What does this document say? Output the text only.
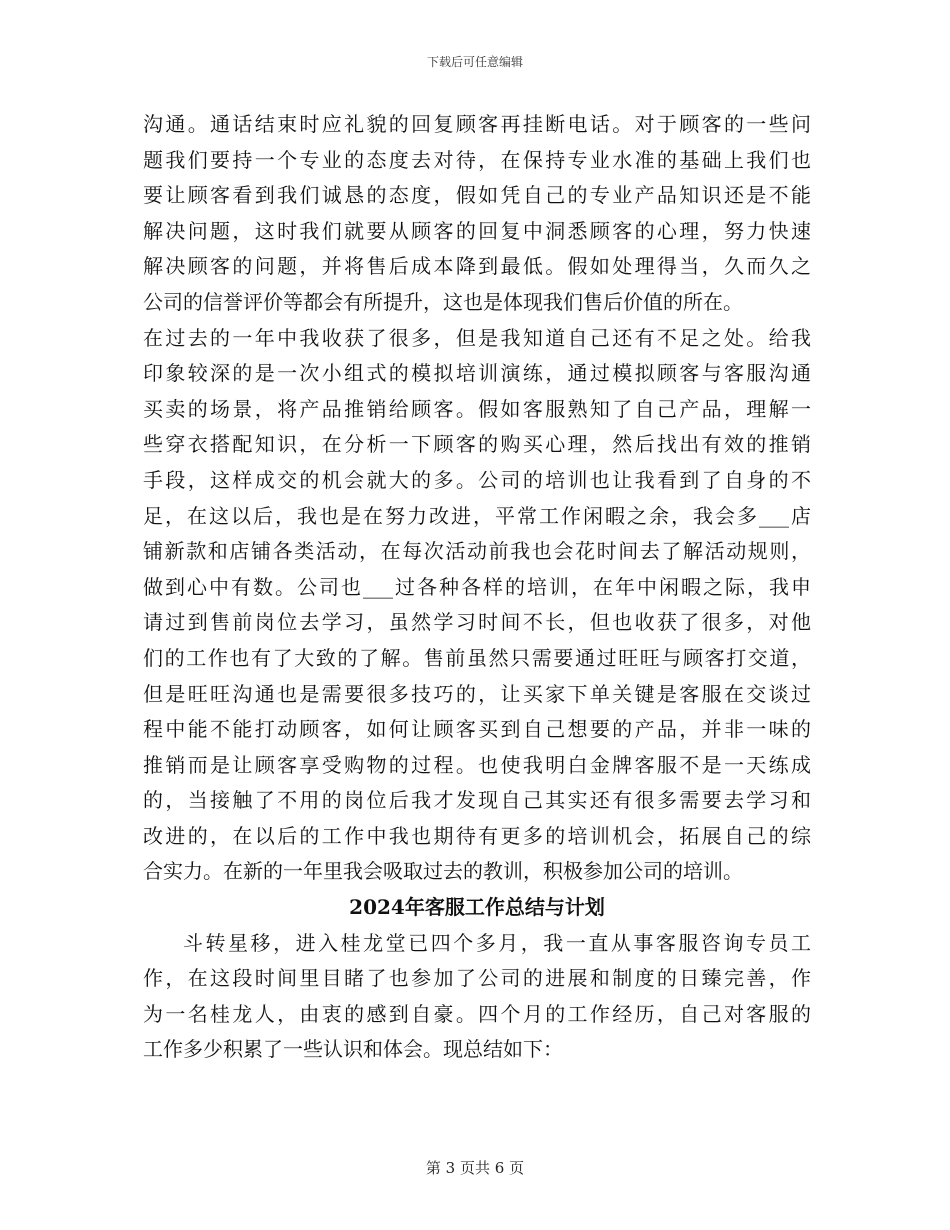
下载后可任意编辑
沟通。通话结束时应礼貌的回复顾客再挂断电话。对于顾客的一些问
题我们要持一个专业的态度去对待，在保持专业水准的基础上我们也
要让顾客看到我们诚恳的态度，假如凭自己的专业产品知识还是不能
解决问题，这时我们就要从顾客的回复中洞悉顾客的心理，努力快速
解决顾客的问题，并将售后成本降到最低。假如处理得当，久而久之
公司的信誉评价等都会有所提升，这也是体现我们售后价值的所在。
在过去的一年中我收获了很多，但是我知道自己还有不足之处。给我
印象较深的是一次小组式的模拟培训演练，通过模拟顾客与客服沟通
买卖的场景，将产品推销给顾客。假如客服熟知了自己产品，理解一
些穿衣搭配知识，在分析一下顾客的购买心理，然后找出有效的推销
手段，这样成交的机会就大的多。公司的培训也让我看到了自身的不
足，在这以后，我也是在努力改进，平常工作闲暇之余，我会多___店
铺新款和店铺各类活动，在每次活动前我也会花时间去了解活动规则，
做到心中有数。公司也___过各种各样的培训，在年中闲暇之际，我申
请过到售前岗位去学习，虽然学习时间不长，但也收获了很多，对他
们的工作也有了大致的了解。售前虽然只需要通过旺旺与顾客打交道，
但是旺旺沟通也是需要很多技巧的，让买家下单关键是客服在交谈过
程中能不能打动顾客，如何让顾客买到自己想要的产品，并非一味的
推销而是让顾客享受购物的过程。也使我明白金牌客服不是一天练成
的，当接触了不用的岗位后我才发现自己其实还有很多需要去学习和
改进的，在以后的工作中我也期待有更多的培训机会，拓展自己的综
合实力。在新的一年里我会吸取过去的教训，积极参加公司的培训。
2024年客服工作总结与计划
斗转星移，进入桂龙堂已四个多月，我一直从事客服咨询专员工
作，在这段时间里目睹了也参加了公司的进展和制度的日臻完善，作
为一名桂龙人，由衷的感到自豪。四个月的工作经历，自己对客服的
工作多少积累了一些认识和体会。现总结如下：
第 3 页共 6 页
